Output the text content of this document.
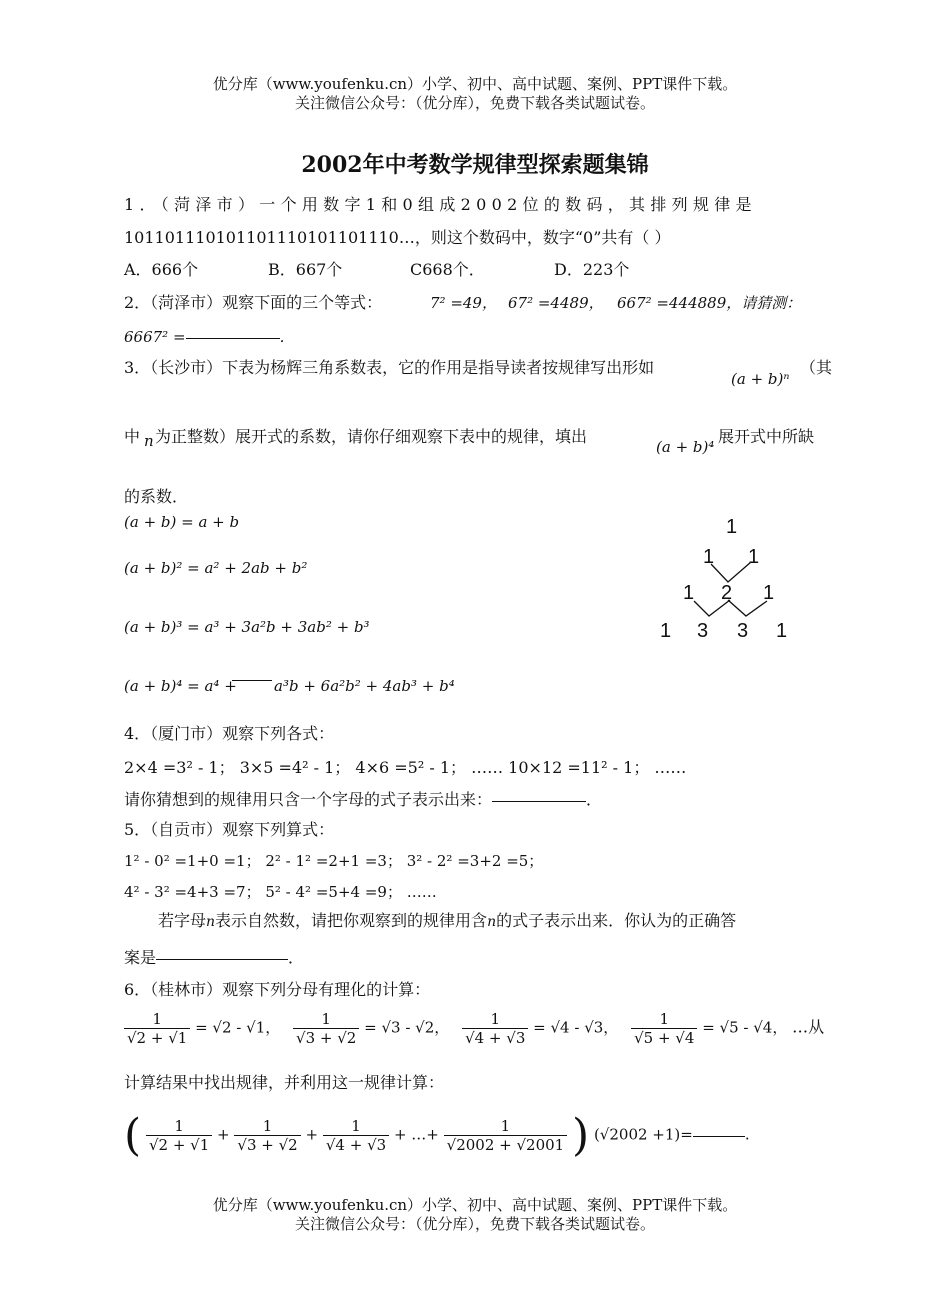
优分库（www.youfenku.cn）小学、初中、高中试题、案例、PPT课件下载。
关注微信公众号：（优分库），免费下载各类试题试卷。
2002年中考数学规律型探索题集锦
1．（菏泽市）一个用数字1和0组成2002位的数码，其排列规律是
101101110101101110101101110…，则这个数码中，数字“0”共有（ ）
A．666个	B．667个	C668个．	D．223个
2．（菏泽市）观察下面的三个等式：	7² =49， 67² =4489， 667² =444889，请猜测：
6667² =	．
3．（长沙市）下表为杨辉三角系数表，它的作用是指导读者按规律写出形如
(a + b)ⁿ
（其
中 n 为正整数）展开式的系数，请你仔细观察下表中的规律，填出
(a + b)⁴
展开式中所缺
的系数．
(a + b) = a + b
(a + b)² = a² + 2ab + b²
(a + b)³ = a³ + 3a²b + 3ab² + b³
(a + b)⁴ = a⁴ + a³b + 6a²b² + 4ab³ + b⁴
1
1 1
1 2 1
1 3 3 1
4．（厦门市）观察下列各式：
2×4 =3² - 1； 3×5 =4² - 1； 4×6 =5² - 1； …… 10×12 =11² - 1； ……
请你猜想到的规律用只含一个字母的式子表示出来：	．
5．（自贡市）观察下列算式：
1² - 0² =1+0 =1； 2² - 1² =2+1 =3； 3² - 2² =3+2 =5；
4² - 3² =4+3 =7； 5² - 4² =5+4 =9； ……
若字母n表示自然数，请把你观察到的规律用含n的式子表示出来．你认为的正确答
案是	．
6．（桂林市）观察下列分母有理化的计算：
$\frac{1}{√2 + √1} = √2 - √1$， $\frac{1}{√3 + √2} = √3 - √2$， $\frac{1}{√4 + √3} = √4 - √3$， $\frac{1}{√5 + √4} = √5 - √4$， …从
计算结果中找出规律，并利用这一规律计算：
( $\frac{1}{√2 + √1} + \frac{1}{√3 + √2} + \frac{1}{√4 + √3}$ + …+ $\frac{1}{√2002 + √2001}$ ) (√2002 +1)=	.
优分库（www.youfenku.cn）小学、初中、高中试题、案例、PPT课件下载。
关注微信公众号：（优分库），免费下载各类试题试卷。
